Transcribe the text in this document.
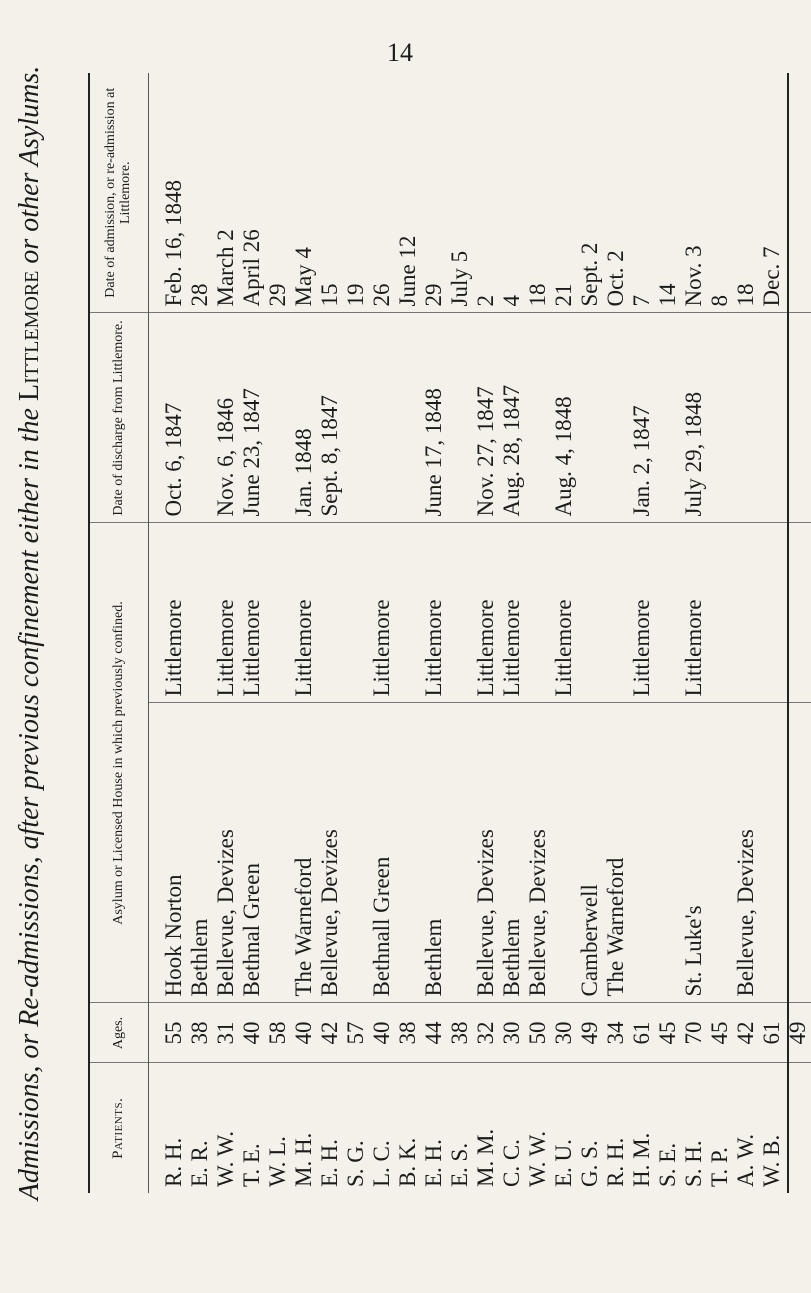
14
Admissions, or Re-admissions, after previous confinement either in the

Littlemore

or other Asylums.
Patients.	Ages.	Asylum or Licensed House in which previously confined.		Date of discharge from Littlemore.	Date of admission, or re-admission at Littlemore.
R. H.	55	Hook Norton	Littlemore	Oct. 6, 1847	Feb. 16, 1848
E. R.	38	Bethlem			28
W. W.	31	Bellevue, Devizes	Littlemore	Nov. 6, 1846	March 2
T. E.	40	Bethnal Green	Littlemore	June 23, 1847	April 26
W. L.	58				29
M. H.	40	The Warneford	Littlemore	Jan. 1848	May 4
E. H.	42	Bellevue, Devizes		Sept. 8, 1847	15
S. G.	57				19
L. C.	40	Bethnall Green	Littlemore		26
B. K.	38				June 12
E. H.	44	Bethlem	Littlemore	June 17, 1848	29
E. S.	38				July 5
M. M.	32	Bellevue, Devizes	Littlemore	Nov. 27, 1847	2
C. C.	30	Bethlem	Littlemore	Aug. 28, 1847	4
W. W.	50	Bellevue, Devizes			18
E. U.	30		Littlemore	Aug. 4, 1848	21
G. S.	49	Camberwell			Sept. 2
R. H.	34	The Warneford			Oct. 2
H. M.	61		Littlemore	Jan. 2, 1847	7
S. E.	45				14
S. H.	70	St. Luke's	Littlemore	July 29, 1848	Nov. 3
T. P.	45				8
A. W.	42	Bellevue, Devizes			18
W. B.	61				Dec. 7
	49				
